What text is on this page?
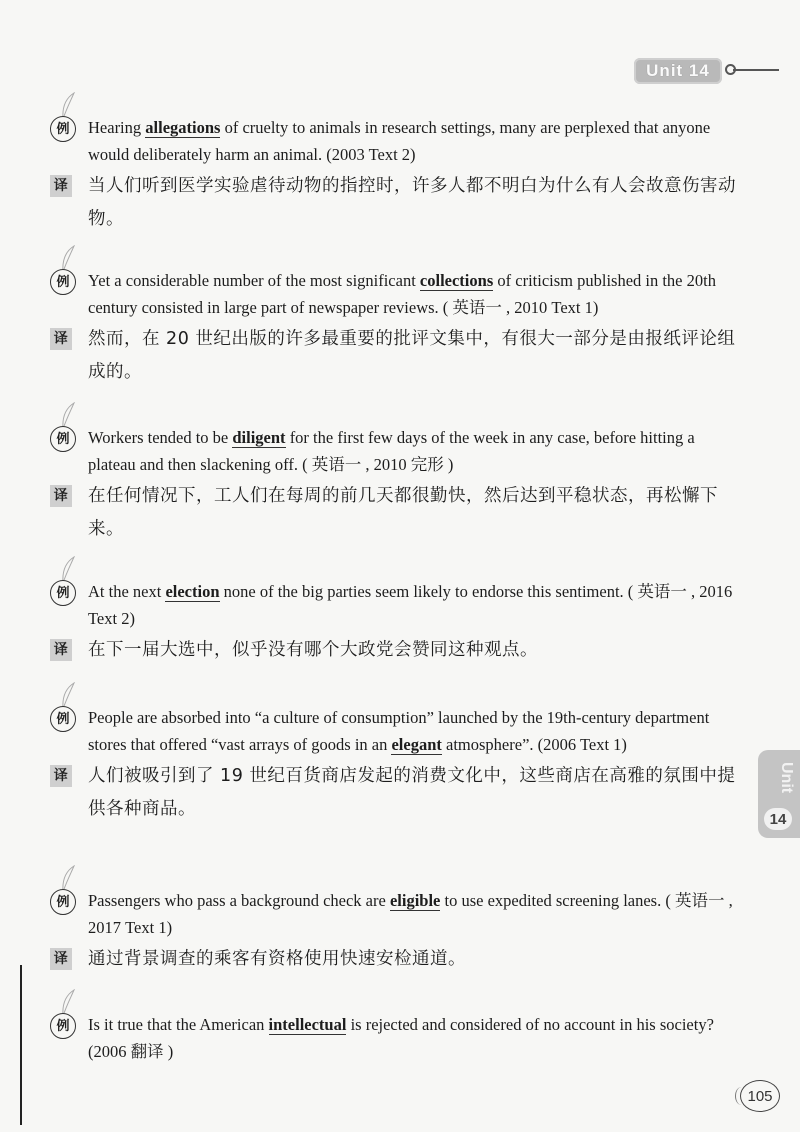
Unit 14
Unit
14
例	Hearing allegations of cruelty to animals in research settings, many are perplexed that anyone would deliberately harm an animal. (2003 Text 2)
译 当人们听到医学实验虐待动物的指控时，许多人都不明白为什么有人会故意伤害动物。
例	Yet a considerable number of the most significant collections of criticism published in the 20th century consisted in large part of newspaper reviews. ( 英语一 , 2010 Text 1)
译 然而，在 20 世纪出版的许多最重要的批评文集中，有很大一部分是由报纸评论组成的。
例	Workers tended to be diligent for the first few days of the week in any case, before hitting a plateau and then slackening off. ( 英语一 , 2010 完形 )
译 在任何情况下，工人们在每周的前几天都很勤快，然后达到平稳状态，再松懈下来。
例	At the next election none of the big parties seem likely to endorse this sentiment. ( 英语一 , 2016 Text 2)
译 在下一届大选中，似乎没有哪个大政党会赞同这种观点。
例	People are absorbed into “a culture of consumption” launched by the 19th-century department stores that offered “vast arrays of goods in an elegant atmosphere”. (2006 Text 1)
译 人们被吸引到了 19 世纪百货商店发起的消费文化中，这些商店在高雅的氛围中提供各种商品。
例	Passengers who pass a background check are eligible to use expedited screening lanes. ( 英语一 , 2017 Text 1)
译 通过背景调查的乘客有资格使用快速安检通道。
例	Is it true that the American intellectual is rejected and considered of no account in his society? (2006 翻译 )
105
